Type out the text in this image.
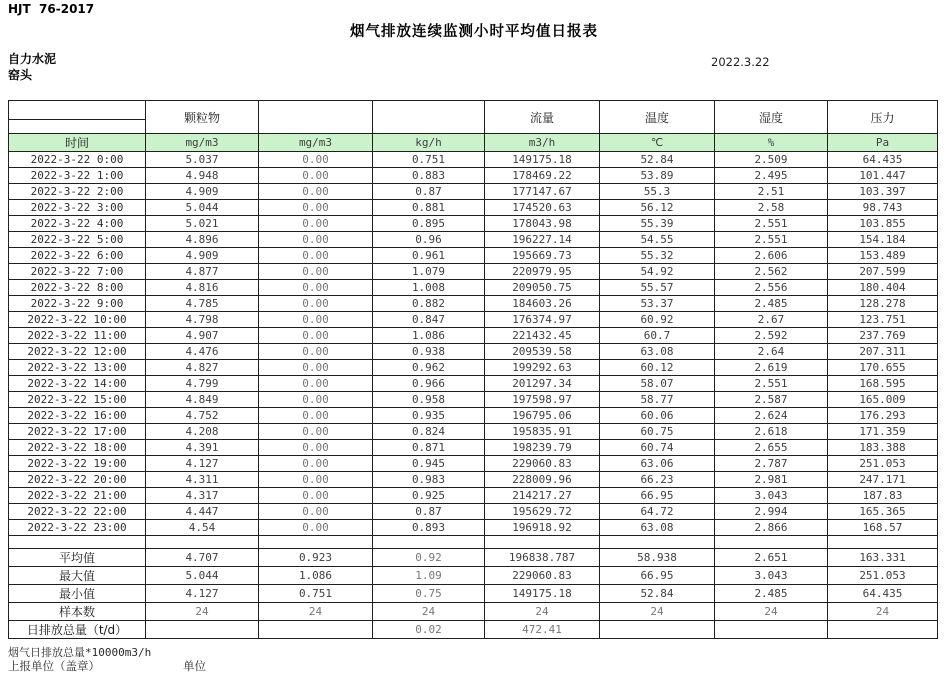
HJT  76-2017
烟气排放连续监测小时平均值日报表
自力水泥
窑头
2022.3.22
	颗粒物			流量	温度	湿度	压力

时间	mg/m3	mg/m3	kg/h	m3/h	℃	%	Pa
2022-3-22 0:00	5.037	0.00	0.751	149175.18	52.84	2.509	64.435
2022-3-22 1:00	4.948	0.00	0.883	178469.22	53.89	2.495	101.447
2022-3-22 2:00	4.909	0.00	0.87	177147.67	55.3	2.51	103.397
2022-3-22 3:00	5.044	0.00	0.881	174520.63	56.12	2.58	98.743
2022-3-22 4:00	5.021	0.00	0.895	178043.98	55.39	2.551	103.855
2022-3-22 5:00	4.896	0.00	0.96	196227.14	54.55	2.551	154.184
2022-3-22 6:00	4.909	0.00	0.961	195669.73	55.32	2.606	153.489
2022-3-22 7:00	4.877	0.00	1.079	220979.95	54.92	2.562	207.599
2022-3-22 8:00	4.816	0.00	1.008	209050.75	55.57	2.556	180.404
2022-3-22 9:00	4.785	0.00	0.882	184603.26	53.37	2.485	128.278
2022-3-22 10:00	4.798	0.00	0.847	176374.97	60.92	2.67	123.751
2022-3-22 11:00	4.907	0.00	1.086	221432.45	60.7	2.592	237.769
2022-3-22 12:00	4.476	0.00	0.938	209539.58	63.08	2.64	207.311
2022-3-22 13:00	4.827	0.00	0.962	199292.63	60.12	2.619	170.655
2022-3-22 14:00	4.799	0.00	0.966	201297.34	58.07	2.551	168.595
2022-3-22 15:00	4.849	0.00	0.958	197598.97	58.77	2.587	165.009
2022-3-22 16:00	4.752	0.00	0.935	196795.06	60.06	2.624	176.293
2022-3-22 17:00	4.208	0.00	0.824	195835.91	60.75	2.618	171.359
2022-3-22 18:00	4.391	0.00	0.871	198239.79	60.74	2.655	183.388
2022-3-22 19:00	4.127	0.00	0.945	229060.83	63.06	2.787	251.053
2022-3-22 20:00	4.311	0.00	0.983	228009.96	66.23	2.981	247.171
2022-3-22 21:00	4.317	0.00	0.925	214217.27	66.95	3.043	187.83
2022-3-22 22:00	4.447	0.00	0.87	195629.72	64.72	2.994	165.365
2022-3-22 23:00	4.54	0.00	0.893	196918.92	63.08	2.866	168.57

平均值	4.707	0.923	0.92	196838.787	58.938	2.651	163.331
最大值	5.044	1.086	1.09	229060.83	66.95	3.043	251.053
最小值	4.127	0.751	0.75	149175.18	52.84	2.485	64.435
样本数	24	24	24	24	24	24	24
日排放总量（t/d）			0.02	472.41			
烟气日排放总量*10000m3/h
上报单位（盖章）	单位
